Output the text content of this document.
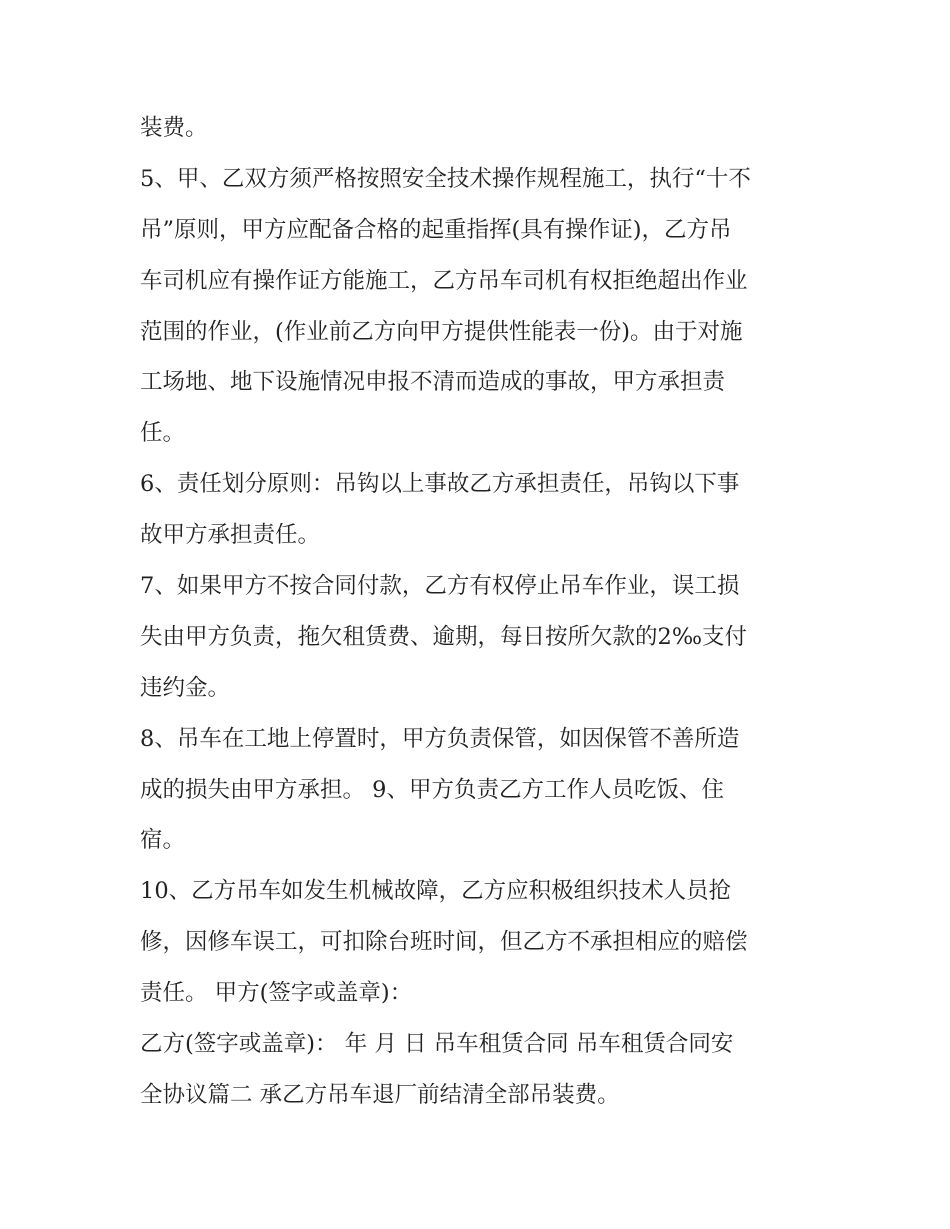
装费。
5、甲、乙双方须严格按照安全技术操作规程施工，执行“十不
吊”原则，甲方应配备合格的起重指挥(具有操作证)，乙方吊
车司机应有操作证方能施工，乙方吊车司机有权拒绝超出作业
范围的作业，(作业前乙方向甲方提供性能表一份)。由于对施
工场地、地下设施情况申报不清而造成的事故，甲方承担责
任。
6、责任划分原则：吊钩以上事故乙方承担责任，吊钩以下事
故甲方承担责任。
7、如果甲方不按合同付款，乙方有权停止吊车作业，误工损
失由甲方负责，拖欠租赁费、逾期，每日按所欠款的2‰支付
违约金。
8、吊车在工地上停置时，甲方负责保管，如因保管不善所造
成的损失由甲方承担。 9、甲方负责乙方工作人员吃饭、住
宿。
10、乙方吊车如发生机械故障，乙方应积极组织技术人员抢
修，因修车误工，可扣除台班时间，但乙方不承担相应的赔偿
责任。 甲方(签字或盖章)：
乙方(签字或盖章)： 年 月 日 吊车租赁合同 吊车租赁合同安
全协议篇二 承乙方吊车退厂前结清全部吊装费。
